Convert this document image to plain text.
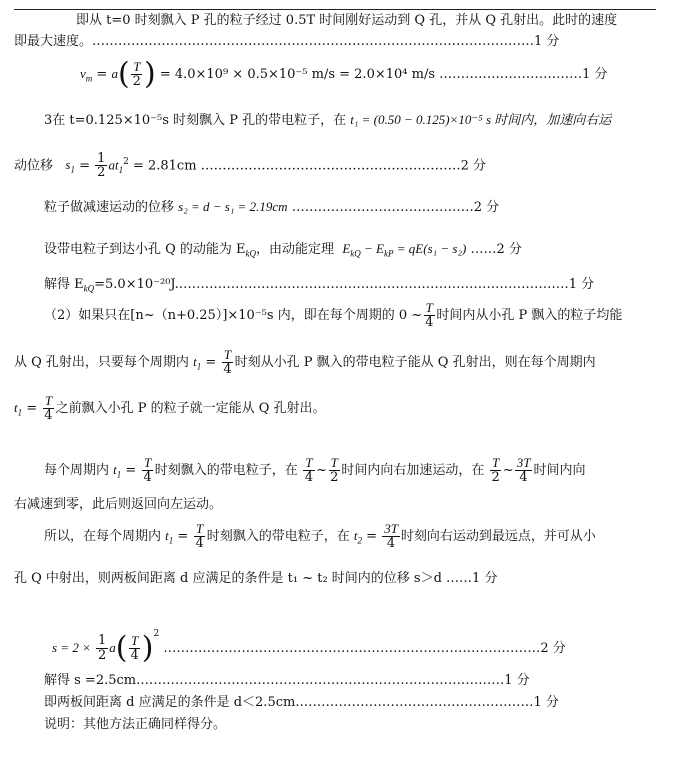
即从 t=0 时刻飘入 P 孔的粒子经过 0.5T 时间刚好运动到 Q 孔，并从 Q 孔射出。此时的速度
即最大速度。…………………………………………………………………………………………1 分
$v_m = a( \frac{T}{2}$ ) = 4.0×10⁹ × 0.5×10⁻⁵ m/s = 2.0×10⁴ m/s ……………………………1 分
3在 t=0.125×10⁻⁵s 时刻飘入 P 孔的带电粒子，在 t₁ = (0.50 − 0.125)×10⁻⁵ s 时间内，加速向右运
动位移 $s_1 = \frac{1}{2} at_1^2 = 2.81cm$ ……………………………………………………2 分
粒子做减速运动的位移 s₂ = d − s₁ = 2.19cm ……………………………………2 分
设带电粒子到达小孔 Q 的动能为 $E_{kQ}$，由动能定理 $E_{kQ} - E_{kP} = qE(s_1 - s_2)$ ……2 分
解得 $E_{kQ}=5.0\times 10^{-20}J.\dots\dots\dots\dots\dots\dots\dots\dots\dots\dots\dots\dots\dots\dots\dots\dots\dots\dots\dots\dots\dots\dots\dots\dots\dots\dots\dots\dots\dots\dots 1$ 分
（2）如果只在[n~（n+0.25）]×10⁻⁵s 内，即在每个周期的 0 ~ $\frac{T}{4}$ 时间内从小孔 P 飘入的粒子均能
从 Q 孔射出，只要每个周期内 $t_1 = \frac{T}{4}$ 时刻从小孔 P 飘入的带电粒子能从 Q 孔射出，则在每个周期内
$t_1 = \frac{T}{4}$ 之前飘入小孔 P 的粒子就一定能从 Q 孔射出。
每个周期内 $t_1 = \frac{T}{4}$ 时刻飘入的带电粒子，在 $\frac{T}{4}$ ~ $\frac{T}{2}$ 时间内向右加速运动，在 $\frac{T}{2}$ ~ $\frac{3T}{4}$ 时间内向
右减速到零，此后则返回向左运动。
所以，在每个周期内 $t_1 = \frac{T}{4}$ 时刻飘入的带电粒子，在 $t_2 = \frac{3T}{4}$ 时刻向右运动到最远点，并可从小
孔 Q 中射出，则两板间距离 d 应满足的条件是 t₁ ~ t₂ 时间内的位移 s＞d ……1 分
$s = 2 \times \frac{1}{2} a( \frac{T}{4} )^2$ ……………………………………………………………………………2 分
解得 s =2.5cm.…………………………………………………………………………1 分
即两板间距离 d 应满足的条件是 d＜2.5cm.………………………………………………1 分
说明：其他方法正确同样得分。
